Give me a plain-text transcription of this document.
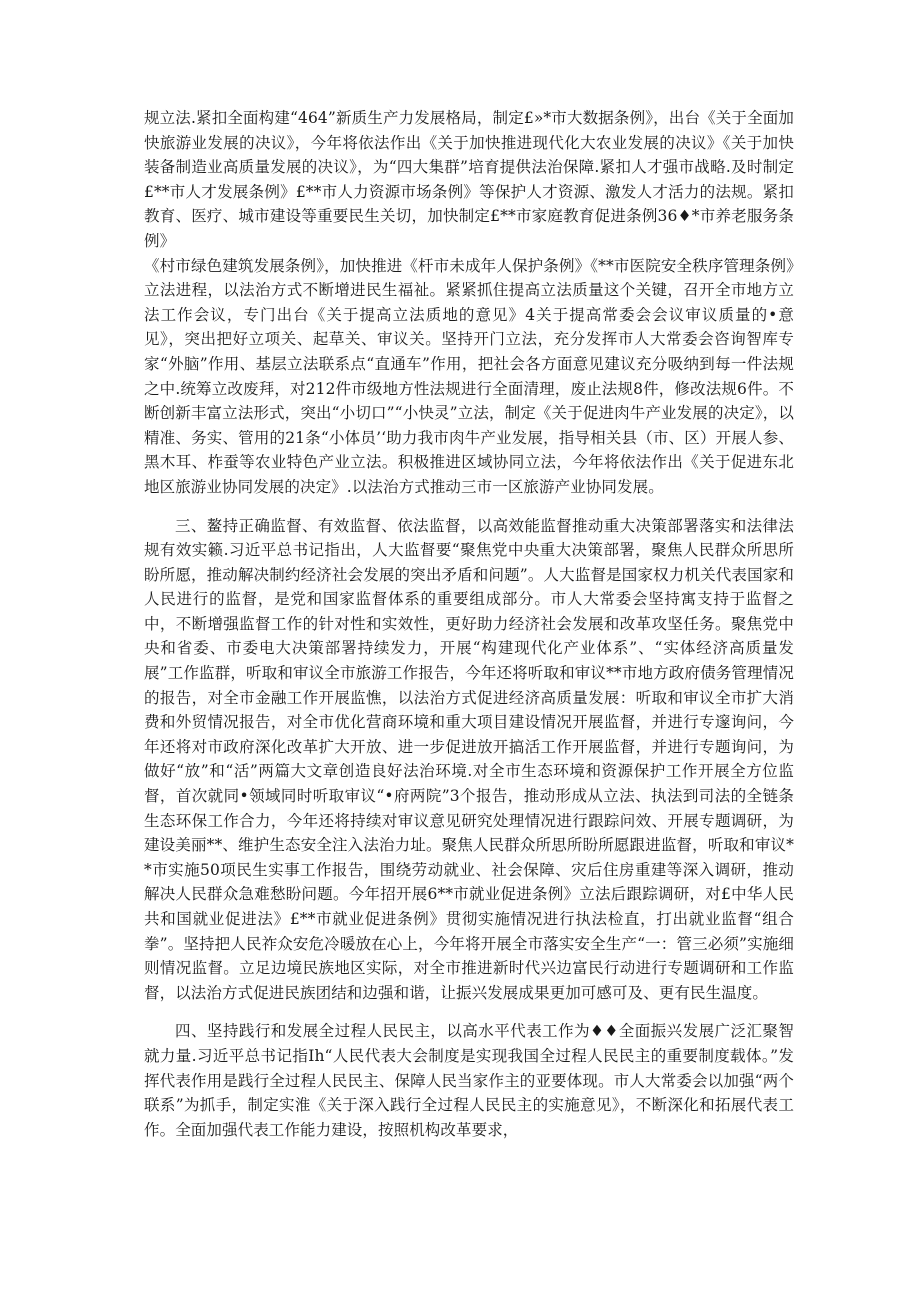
规立法.紧扣全面构建“464”新质生产力发展格局，制定£»*市大数据条例》，出台《关于全面加快旅游业发展的决议》，今年将依法作出《关于加快推进现代化大农业发展的决议》《关于加快装备制造业高质量发展的决议》，为“四大集群”培育提供法治保障.紧扣人才强市战略.及时制定£**市人才发展条例》£**市人力资源市场条例》等保护人才资源、激发人才活力的法规。紧扣教育、医疗、城市建设等重要民生关切，加快制定£**市家庭教育促进条例36♦*市养老服务条例》

《村市绿色建筑发展条例》，加快推进《杆市未成年人保护条例》《**市医院安全秩序管理条例》立法进程，以法治方式不断增进民生福祉。紧紧抓住提高立法质量这个关键，召开全市地方立法工作会议，专门出台《关于提高立法质地的意见》4关于提高常委会会议审议质量的•意见》，突出把好立项关、起草关、审议关。坚持开门立法，充分发挥市人大常委会咨询智库专家“外脑”作用、基层立法联系点“直通车”作用，把社会各方面意见建议充分吸纳到每一件法规之中.统筹立改废拜，对212件市级地方性法规进行全面清理，废止法规8件，修改法规6件。不断创新丰富立法形式，突出“小切口”“小快灵”立法，制定《关于促进肉牛产业发展的决定》，以精准、务实、管用的21条“小体员’‘助力我市肉牛产业发展，指导相关县（市、区）开展人参、黑木耳、柞蚕等农业特色产业立法。积极推进区域协同立法，今年将依法作出《关于促进东北地区旅游业协同发展的决定》.以法治方式推动三市一区旅游产业协同发展。

三、鳌持正确监督、有效监督、依法监督，以高效能监督推动重大决策部署落实和法律法规有效实籁.习近平总书记指出，人大监督要“聚焦党中央重大决策部署，聚焦人民群众所思所盼所愿，推动解决制约经济社会发展的突出矛盾和问题”。人大监督是国家权力机关代表国家和人民进行的监督，是党和国家监督体系的重要组成部分。市人大常委会坚持寓支持于监督之中，不断增强监督工作的针对性和实效性，更好助力经济社会发展和改革攻坚任务。聚焦党中央和省委、市委电大决策部署持续发力，开展“构建现代化产业体系”、“实体经济高质量发展”工作监群，听取和审议全市旅游工作报告，今年还将听取和审议**市地方政府债务管理情况的报告，对全市金融工作开展监憔，以法治方式促进经济高质量发展：听取和审议全市扩大消费和外贸情况报告，对全市优化营商环境和重大项目建设情况开展监督，并进行专邃询问，今年还将对市政府深化改革扩大开放、进一步促进放开搞活工作开展监督，并进行专题询问，为做好“放”和“活”两篇大文章创造良好法治环境.对全市生态环境和资源保护工作开展全方位监督，首次就同•领域同时听取审议“•府两院”3个报告，推动形成从立法、执法到司法的全链条生态环保工作合力，今年还将持续对审议意见研究处理情况进行跟踪问效、开展专题调研，为建设美丽**、维护生态安全注入法治力址。聚焦人民群众所思所盼所愿跟进监督，听取和审议**市实施50项民生实事工作报告，围绕劳动就业、社会保障、灾后住房重建等深入调研，推动解决人民群众急难愁盼问题。今年招开展6**市就业促进条例》立法后跟踪调研，对£中华人民共和国就业促进法》£**市就业促进条例》贯彻实施情况进行执法检直，打出就业监督“组合拳”。坚持把人民祚众安危冷暖放在心上，今年将开展全市落实安全生产“一：管三必须”实施细则情况监督。立足边境民族地区实际，对全市推进新时代兴边富民行动进行专题调研和工作监督，以法治方式促进民族团结和边强和谐，让振兴发展成果更加可感可及、更有民生温度。

四、坚持践行和发展全过程人民民主，以高水平代表工作为♦♦全面振兴发展广泛汇聚智就力量.习近平总书记指Ih“人民代表大会制度是实现我国全过程人民民主的重要制度载体。”发挥代表作用是践行全过程人民民主、保障人民当家作主的亚要体现。市人大常委会以加强“两个联系”为抓手，制定实淮《关于深入践行全过程人民民主的实施意见》，不断深化和拓展代表工作。全面加强代表工作能力建设，按照机构改革要求，
